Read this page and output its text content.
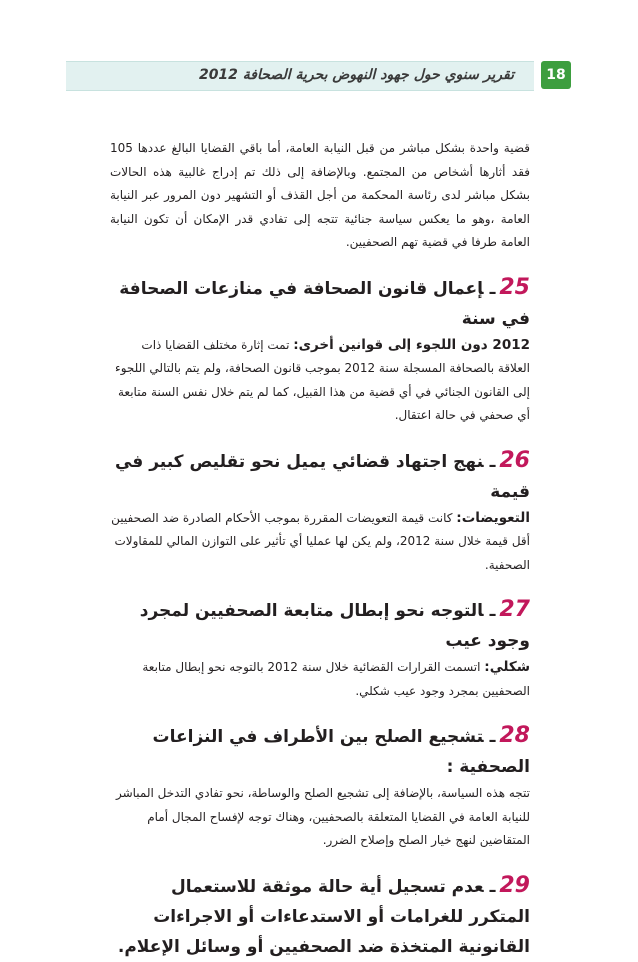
تقرير سنوي حول جهود النهوض بحرية الصحافة 2012	18

قضية واحدة بشكل مباشر من قبل النيابة العامة، أما باقي القضايا البالغ عددها 105 فقد أثارها أشخاص من المجتمع. وبالإضافة إلى ذلك تم إدراج غالبية هذه الحالات بشكل مباشر لدى رئاسة المحكمة من أجل القذف أو التشهير دون المرور عبر النيابة العامة ،وهو ما يعكس سياسة جنائية تتجه إلى تفادي قدر الإمكان أن تكون النيابة العامة طرفا في قضية تهم الصحفيين.

25ـإعمال قانون الصحافة في منازعات الصحافة في سنة

2012 دون اللجوء إلى قوانين أخرى: تمت إثارة مختلف القضايا ذات العلاقة بالصحافة المسجلة سنة 2012 بموجب قانون الصحافة، ولم يتم بالتالي اللجوء إلى القانون الجنائي في أي قضية من هذا القبيل، كما لم يتم خلال نفس السنة متابعة أي صحفي في حالة اعتقال.

26ـنهج اجتهاد قضائي يميل نحو تقليص كبير في قيمة

التعويضات: كانت قيمة التعويضات المقررة بموجب الأحكام الصادرة ضد الصحفيين أقل قيمة خلال سنة 2012، ولم يكن لها عمليا أي تأثير على التوازن المالي للمقاولات الصحفية.

27ـالتوجه نحو إبطال متابعة الصحفيين لمجرد وجود عيب

شكلي: اتسمت القرارات القضائية خلال سنة 2012 بالتوجه نحو إبطال متابعة الصحفيين بمجرد وجود عيب شكلي.

28ـتشجيع الصلح بين الأطراف في النزاعات الصحفية :

تتجه هذه السياسة، بالإضافة إلى تشجيع الصلح والوساطة، نحو تفادي التدخل المباشر للنيابة العامة في القضايا المتعلقة بالصحفيين، وهناك توجه لإفساح المجال أمام المتقاضين لنهج خيار الصلح وإصلاح الضرر.

29ـعدم تسجيل أية حالة موثقة للاستعمال المتكرر للغرامات أو الاستدعاءات أو الاجراءات القانونية المتخذة ضد الصحفيين أو وسائل الإعلام.
